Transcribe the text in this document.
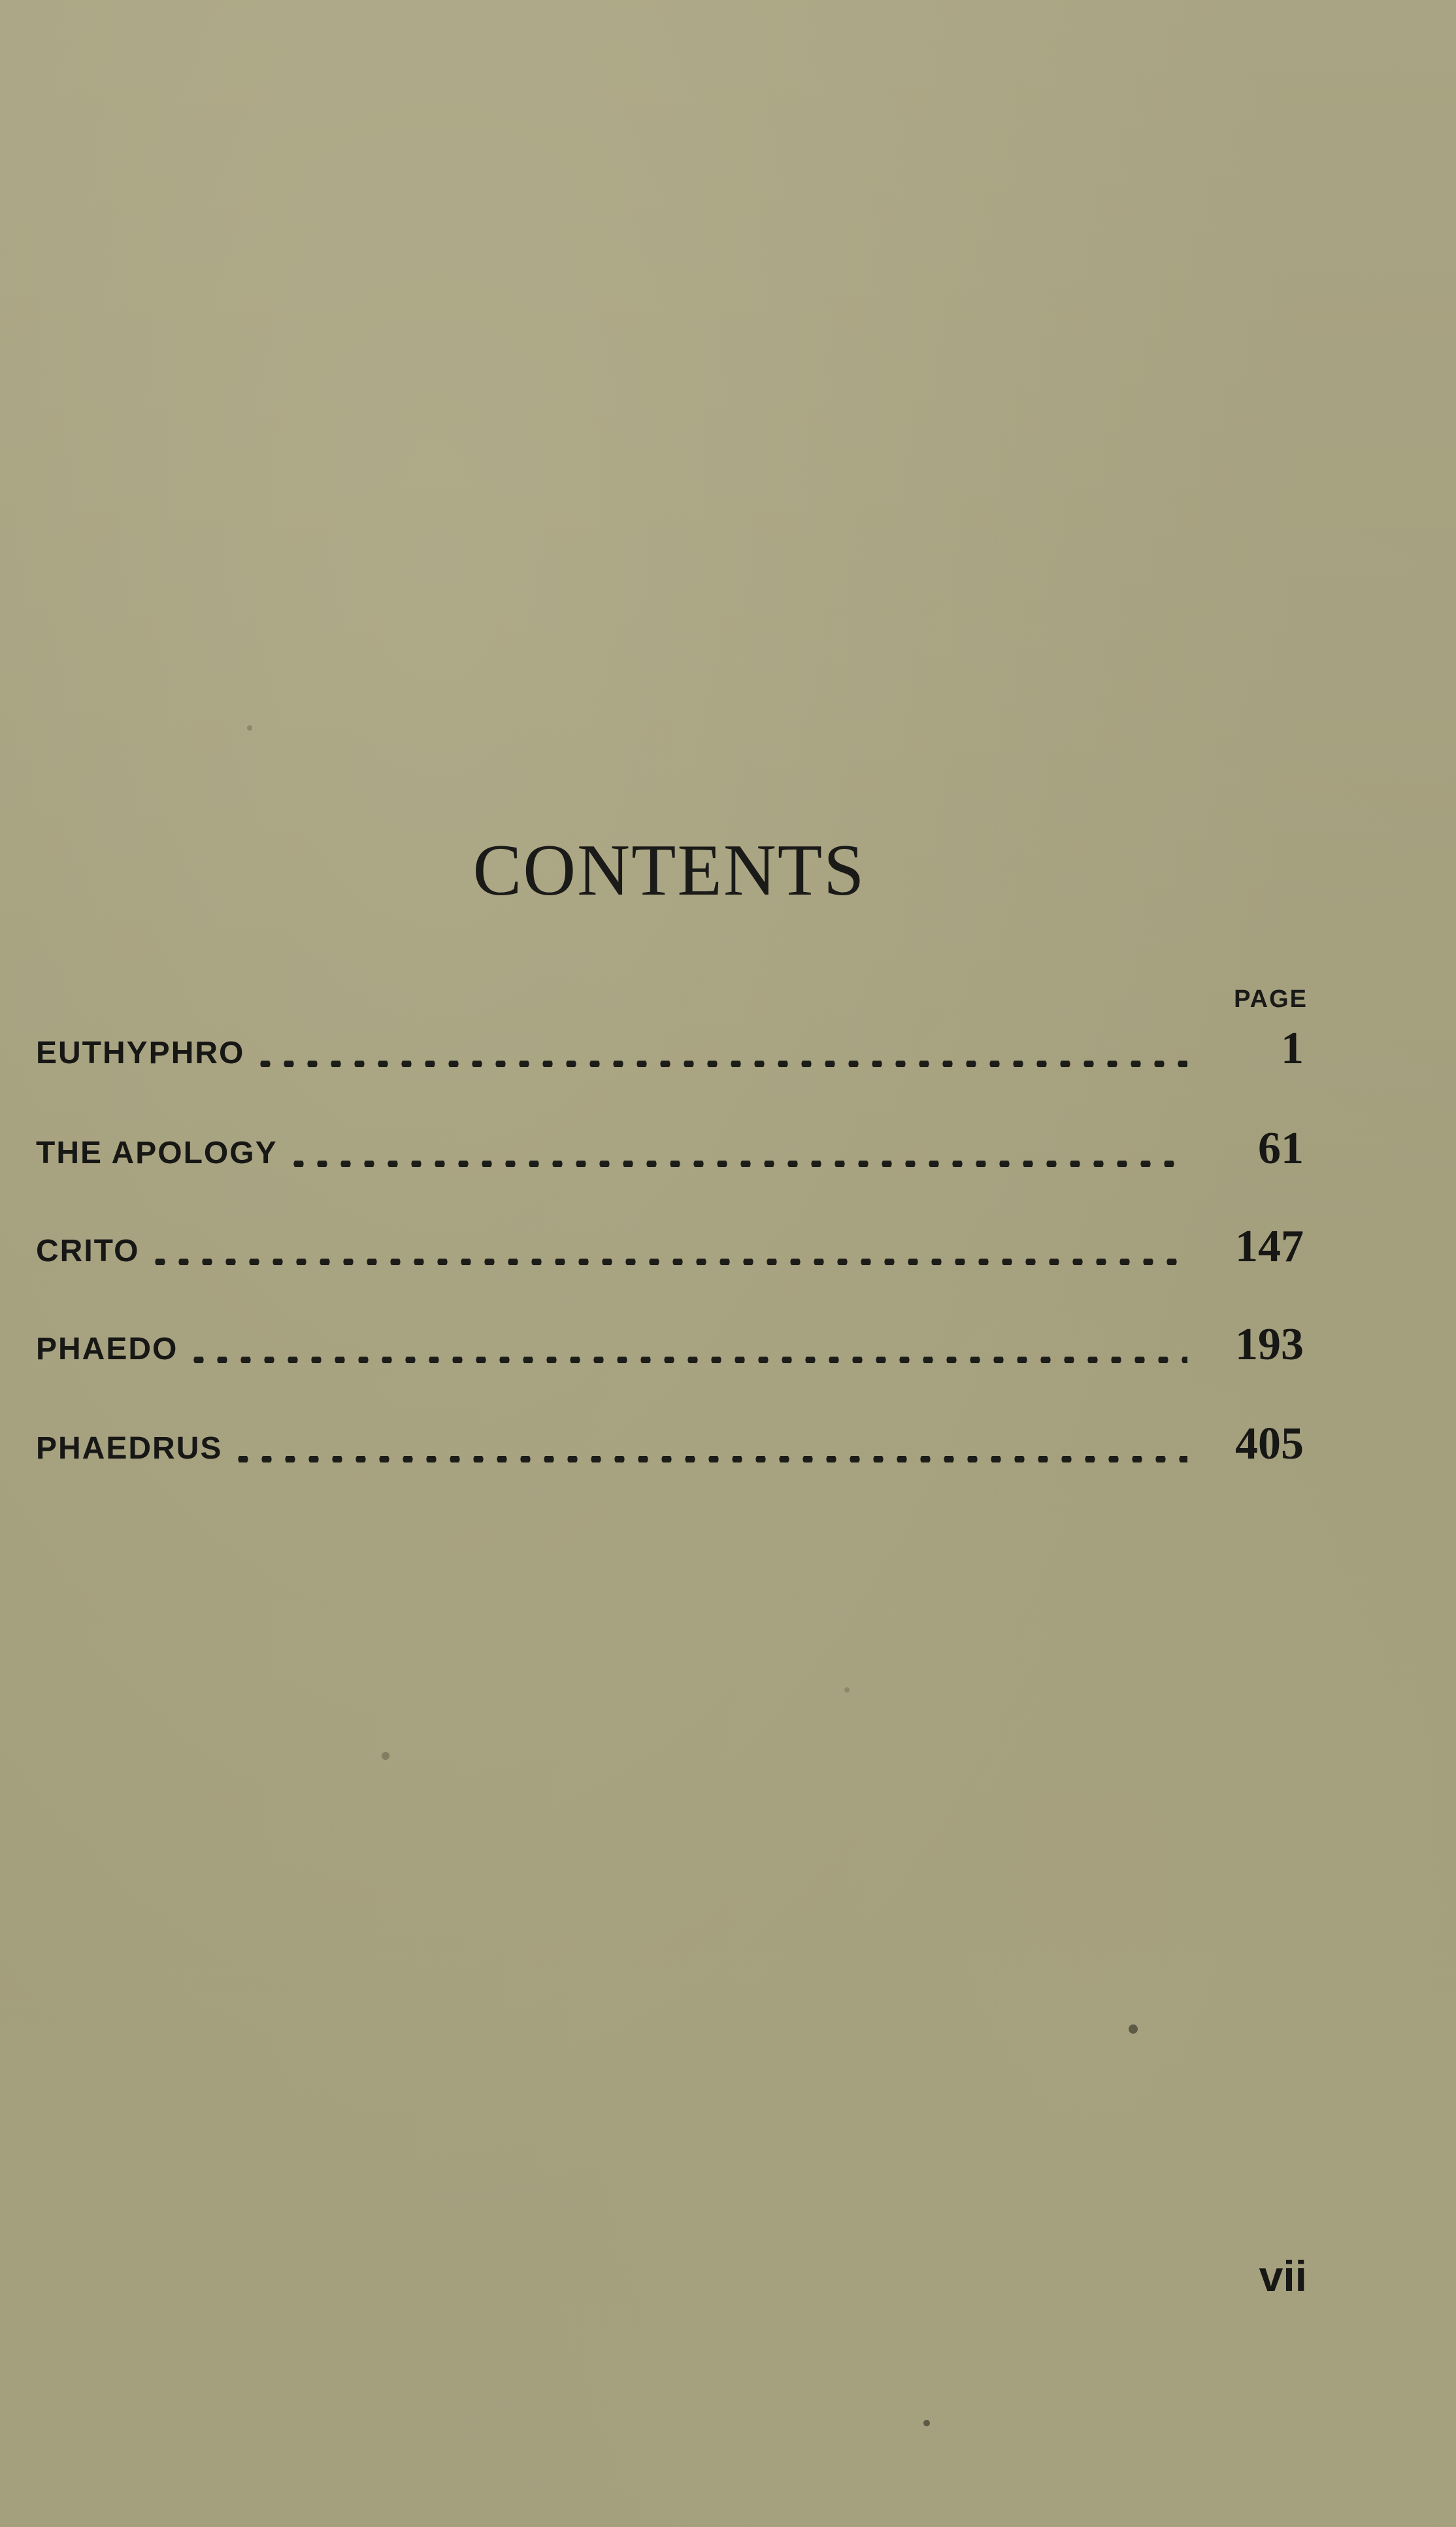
CONTENTS
PAGE
EUTHYPHRO	1
THE APOLOGY	61
CRITO	147
PHAEDO	193
PHAEDRUS	405
vii
